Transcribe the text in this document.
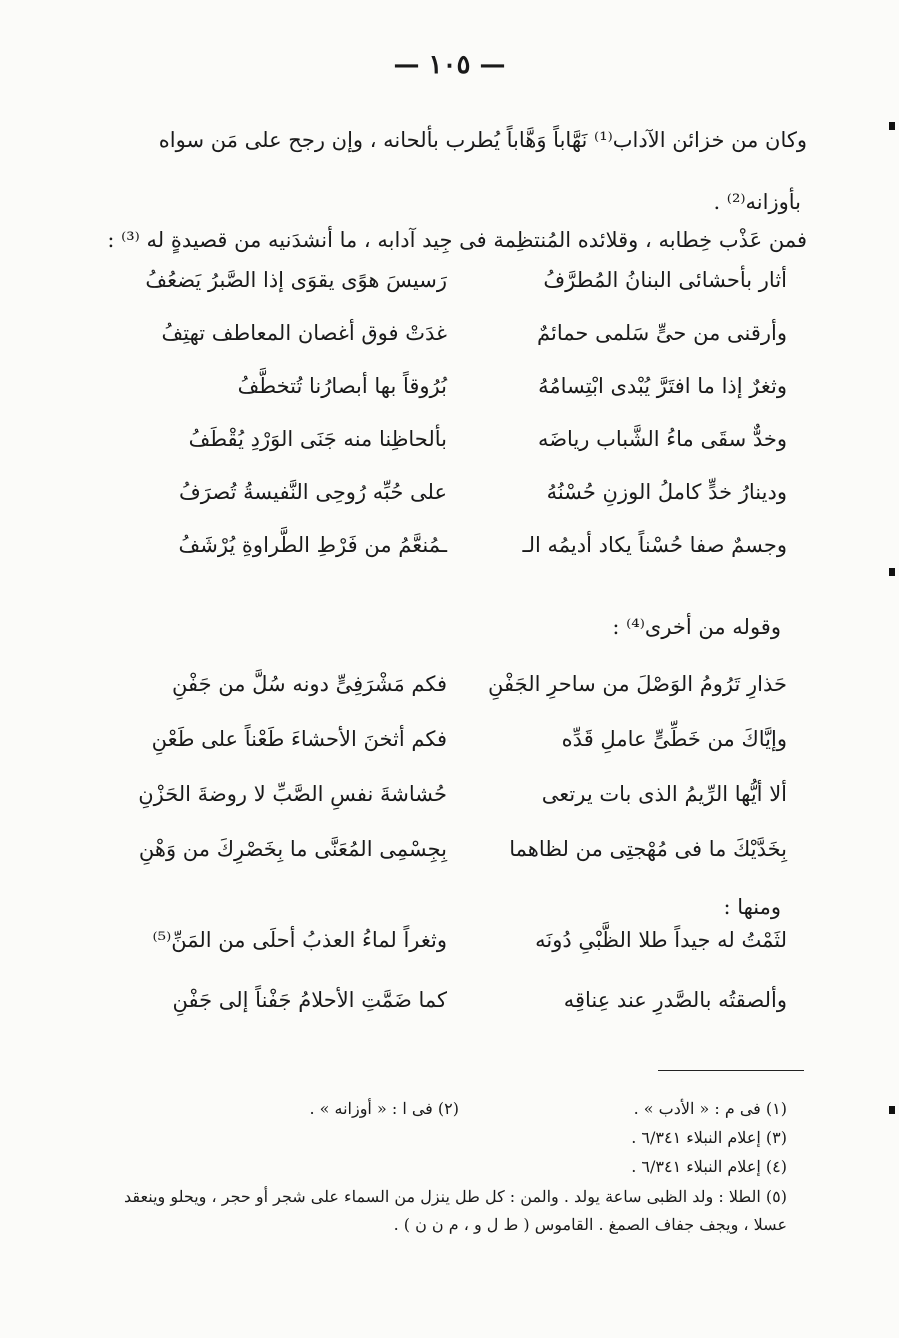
— ١٠٥ —
وكان من خزائن الآداب⁽¹⁾ نَهَّاباً وَهَّاباً يُطرب بألحانه ، وإن رجح على مَن سواه
بأوزانه⁽²⁾ .
فمن عَذْب خِطابه ، وقلائده المُنتظِمة فى جِيد آدابه ، ما أنشدَنيه من قصيدةٍ له ⁽³⁾ :
أثار بأحشائى البنانُ المُطرَّفُ
رَسيسَ هوًى يقوَى إذا الصَّبرُ يَضعُفُ
وأرقنى من حىٍّ سَلمى حمائمٌ
غدَتْ فوق أغصان المعاطف تهتِفُ
وثغرٌ إذا ما افتَرَّ يُبْدى ابْتِسامُهُ
بُرُوقاً بها أبصارُنا تُتخطَّفُ
وخدٌّ سقَى ماءُ الشَّباب رياضَه
بألحاظِنا منه جَنَى الوَرْدِ يُقْطَفُ
ودينارُ خدٍّ كاملُ الوزنِ حُسْنُهُ
على حُبِّه رُوحِى النَّفيسةُ تُصرَفُ
وجسمٌ صفا حُسْناً يكاد أديمُه الـ
ـمُنعَّمُ من فَرْطِ الطَّراوةِ يُرْشَفُ
وقوله من أخرى⁽⁴⁾ :
حَذارِ تَرُومُ الوَصْلَ من ساحرِ الجَفْنِ
فكم مَشْرَفِىٍّ دونه سُلَّ من جَفْنِ
وإيَّاكَ من خَطِّىٍّ عاملِ قَدِّه
فكم أثخنَ الأحشاءَ طَعْناً على طَعْنِ
ألا أيُّها الرِّيمُ الذى بات يرتعى
حُشاشةَ نفسِ الصَّبِّ لا روضةَ الحَزْنِ
بِخَدَّيْكَ ما فى مُهْجتِى من لظاهما
بِجِسْمِى المُعَنَّى ما بِخَصْرِكَ من وَهْنِ
ومنها :
لثَمْتُ له جيداً طلا الظَّبْىِ دُونَه
وثغراً لماءُ العذبُ أحلَى من المَنِّ⁽⁵⁾
وألصقتُه بالصَّدرِ عند عِناقِه
كما ضَمَّتِ الأحلامُ جَفْناً إلى جَفْنِ
(١) فى م : « الأدب » .
(٢) فى ا : « أوزانه » .
(٣) إعلام النبلاء ٦/٣٤١ .
(٤) إعلام النبلاء ٦/٣٤١ .
(٥) الطلا : ولد الظبى ساعة يولد . والمن : كل طل ينزل من السماء على شجر أو حجر ، ويحلو وينعقد
عسلا ، ويجف جفاف الصمغ . القاموس ( ط ل و ، م ن ن ) .
